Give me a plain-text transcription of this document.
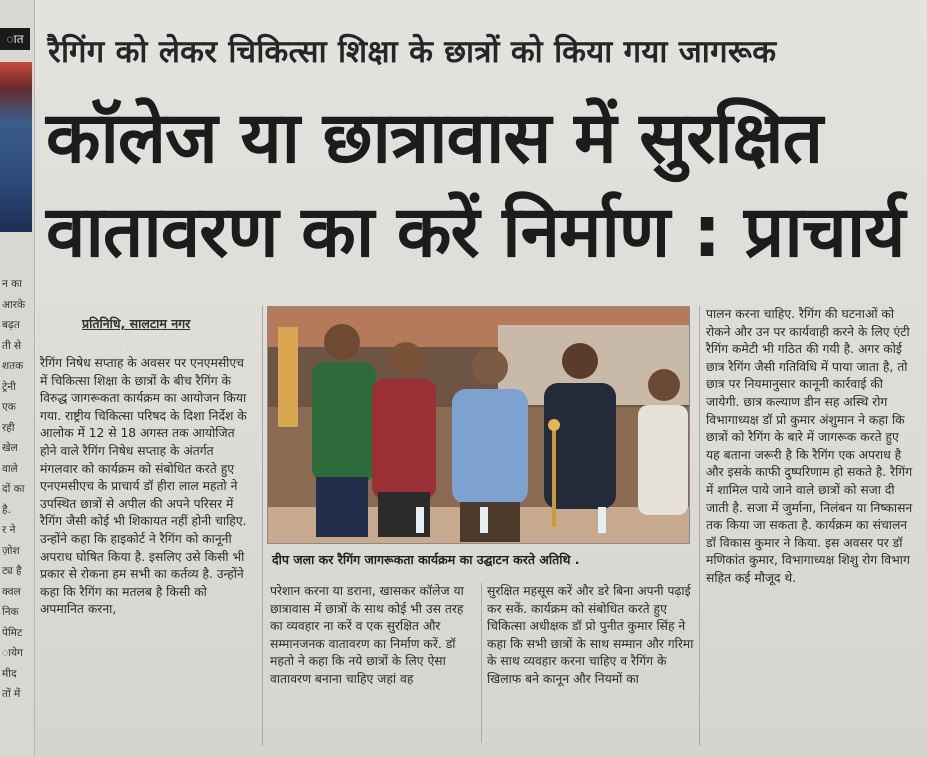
ात
न का
आरके
बढ़त
ती से
शतक
ट्रेनी
एक
रही
खेल
वाले
दों का
है.
र ने
ज़ाेश
ट्य है
क्वल
निक
पेमिट
ायेग
मीद
तों में
रैगिंग को लेकर चिकित्सा शिक्षा के छात्रों को किया गया जागरूक
कॉलेज या छात्रावास में सुरक्षित
वातावरण का करें निर्माण : प्राचार्य
प्रतिनिधि, सालटाम नगर

रैगिंग निषेध सप्ताह के अवसर पर एनएमसीएच में चिकित्सा शिक्षा के छात्रों के बीच रैगिंग के विरुद्ध जागरूकता कार्यक्रम का आयोजन किया गया. राष्ट्रीय चिकित्सा परिषद के दिशा निर्देश के आलोक में 12 से 18 अगस्त तक आयोजित होने वाले रैगिंग निषेध सप्ताह के अंतर्गत मंगलवार को कार्यक्रम को संबोधित करते हुए एनएमसीएच के प्राचार्य डॉ हीरा लाल महतो ने उपस्थित छात्रों से अपील की अपने परिसर में रैगिंग जैसी कोई भी शिकायत नहीं होनी चाहिए. उन्होंने कहा कि हाइकोर्ट ने रैगिंग को कानूनी अपराध घोषित किया है. इसलिए उसे किसी भी प्रकार से रोकना हम सभी का कर्तव्य है. उन्होंने कहा कि रैगिंग का मतलब है किसी को अपमानित करना,

दीप जला कर रैगिंग जागरूकता कार्यक्रम का उद्घाटन करते अतिथि .

परेशान करना या डराना, खासकर कॉलेज या छात्रावास में छात्रों के साथ कोई भी उस तरह का व्यवहार ना करें व एक सुरक्षित और सम्मानजनक वातावरण का निर्माण करें. डॉ महतो ने कहा कि नये छात्रों के लिए ऐसा वातावरण बनाना चाहिए जहां वह

सुरक्षित महसूस करें और डरे बिना अपनी पढ़ाई कर सकें. कार्यक्रम को संबोधित करते हुए चिकित्सा अधीक्षक डॉ प्रो पुनीत कुमार सिंह ने कहा कि सभी छात्रों के साथ सम्मान और गरिमा के साथ व्यवहार करना चाहिए व रैगिंग के खिलाफ बने कानून और नियमों का

पालन करना चाहिए. रैगिंग की घटनाओं को रोकने और उन पर कार्यवाही करने के लिए एंटी रैगिंग कमेटी भी गठित की गयी है. अगर कोई छात्र रैगिंग जैसी गतिविधि में पाया जाता है, तो छात्र पर नियमानुसार कानूनी कार्रवाई की जायेगी. छात्र कल्याण डीन सह अस्थि रोग विभागाध्यक्ष डॉ प्रो कुमार अंशुमान ने कहा कि छात्रों को रैगिंग के बारे में जागरूक करते हुए यह बताना जरूरी है कि रैगिंग एक अपराध है और इसके काफी दुष्परिणाम हो सकते है. रैगिंग में शामिल पाये जाने वाले छात्रों को सजा दी जाती है. सजा में जुर्माना, निलंबन या निष्कासन तक किया जा सकता है. कार्यक्रम का संचालन डॉ विकास कुमार ने किया. इस अवसर पर डॉ मणिकांत कुमार, विभागाध्यक्ष शिशु रोग विभाग सहित कई मौजूद थे.
